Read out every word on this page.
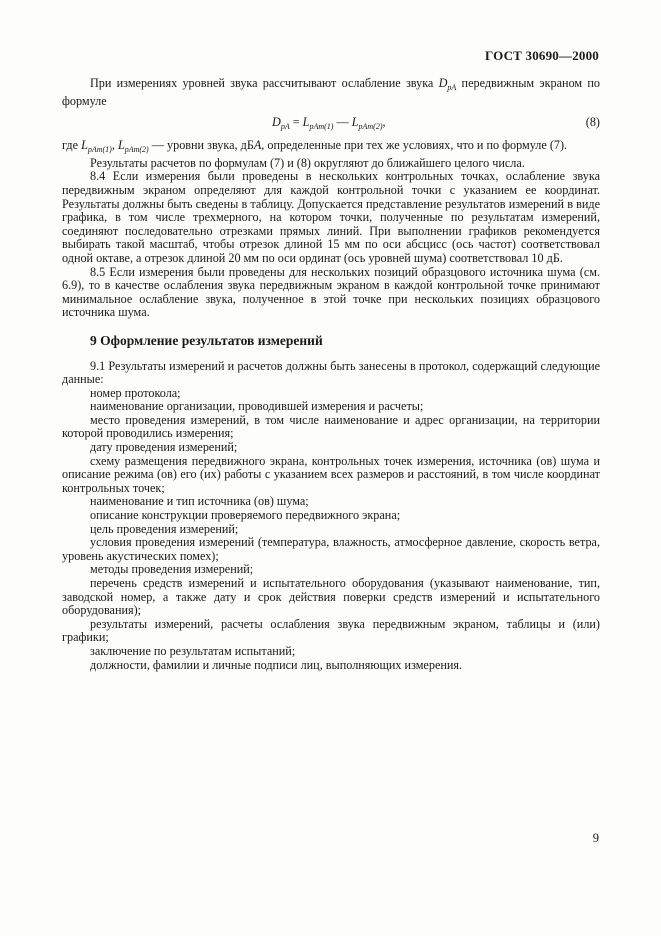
ГОСТ 30690—2000

При измерениях уровней звука рассчитывают ослабление звука $D_{pA}$ передвижным экраном по формуле

$D_{pA} = L_{pAm(1)}$ — $L_{pAm(2)}$,	(8)

где $L_{pAm(1)}$, $L_{pAm(2)}$ — уровни звука, дБA, определенные при тех же условиях, что и по формуле (7).

Результаты расчетов по формулам (7) и (8) округляют до ближайшего целого числа.

8.4 Если измерения были проведены в нескольких контрольных точках, ослабление звука передвижным экраном определяют для каждой контрольной точки с указанием ее координат. Результаты должны быть сведены в таблицу. Допускается представление результатов измерений в виде графика, в том числе трехмерного, на котором точки, полученные по результатам измерений, соединяют последовательно отрезками прямых линий. При выполнении графиков рекомендуется выбирать такой масштаб, чтобы отрезок длиной 15 мм по оси абсцисс (ось частот) соответствовал одной октаве, а отрезок длиной 20 мм по оси ординат (ось уровней шума) соответствовал 10 дБ.

8.5 Если измерения были проведены для нескольких позиций образцового источника шума (см. 6.9), то в качестве ослабления звука передвижным экраном в каждой контрольной точке принимают минимальное ослабление звука, полученное в этой точке при нескольких позициях образцового источника шума.

9 Оформление результатов измерений

9.1 Результаты измерений и расчетов должны быть занесены в протокол, содержащий следующие данные:

номер протокола;

наименование организации, проводившей измерения и расчеты;

место проведения измерений, в том числе наименование и адрес организации, на территории которой проводились измерения;

дату проведения измерений;

схему размещения передвижного экрана, контрольных точек измерения, источника (ов) шума и описание режима (ов) его (их) работы с указанием всех размеров и расстояний, в том числе координат контрольных точек;

наименование и тип источника (ов) шума;

описание конструкции проверяемого передвижного экрана;

цель проведения измерений;

условия проведения измерений (температура, влажность, атмосферное давление, скорость ветра, уровень акустических помех);

методы проведения измерений;

перечень средств измерений и испытательного оборудования (указывают наименование, тип, заводской номер, а также дату и срок действия поверки средств измерений и испытательного оборудования);

результаты измерений, расчеты ослабления звука передвижным экраном, таблицы и (или) графики;

заключение по результатам испытаний;

должности, фамилии и личные подписи лиц, выполняющих измерения.

9
